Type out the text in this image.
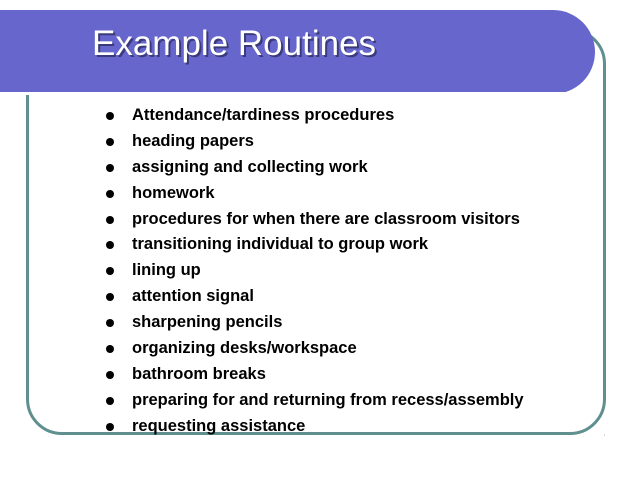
Example Routines
Attendance/tardiness procedures
heading papers
assigning and collecting work
homework
procedures for when there are classroom visitors
transitioning individual to group work
lining up
attention signal
sharpening pencils
organizing desks/workspace
bathroom breaks
preparing for and returning from recess/assembly
requesting assistance
